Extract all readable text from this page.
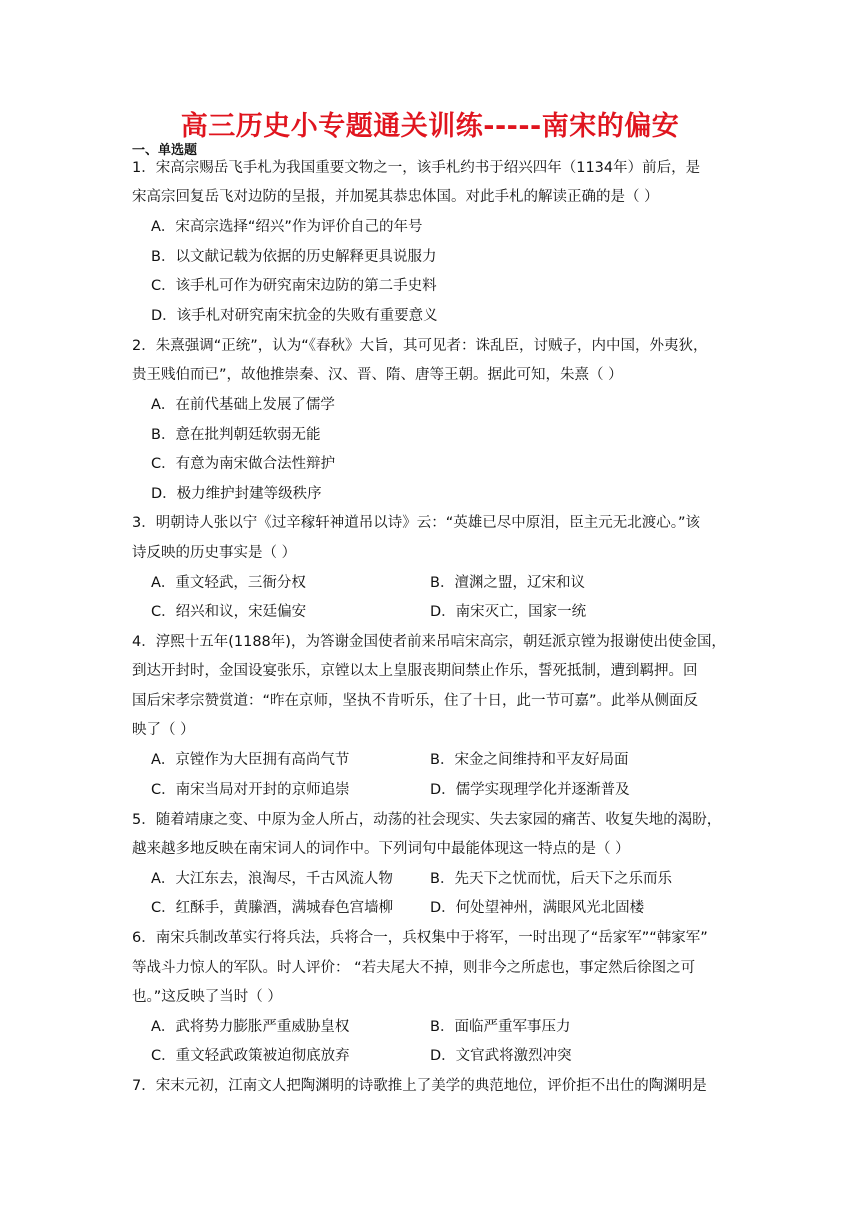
高三历史小专题通关训练-----南宋的偏安
一、单选题
1．宋高宗赐岳飞手札为我国重要文物之一，该手札约书于绍兴四年（1134年）前后，是
宋高宗回复岳飞对边防的呈报，并加冕其恭忠体国。对此手札的解读正确的是（ ）
A．宋高宗选择“绍兴”作为评价自己的年号
B．以文献记载为依据的历史解释更具说服力
C．该手札可作为研究南宋边防的第二手史料
D．该手札对研究南宋抗金的失败有重要意义
2．朱熹强调“正统”，认为“《春秋》大旨，其可见者：诛乱臣，讨贼子，内中国，外夷狄，
贵王贱伯而已”，故他推崇秦、汉、晋、隋、唐等王朝。据此可知，朱熹（ ）
A．在前代基础上发展了儒学
B．意在批判朝廷软弱无能
C．有意为南宋做合法性辩护
D．极力维护封建等级秩序
3．明朝诗人张以宁《过辛稼轩神道吊以诗》云：“英雄已尽中原泪，臣主元无北渡心。”该
诗反映的历史事实是（ ）
A．重文轻武，三衙分权	B．澶渊之盟，辽宋和议
C．绍兴和议，宋廷偏安	D．南宋灭亡，国家一统
4．淳熙十五年(1188年)，为答谢金国使者前来吊唁宋高宗，朝廷派京镗为报谢使出使金国，
到达开封时，金国设宴张乐，京镗以太上皇服丧期间禁止作乐，誓死抵制，遭到羁押。回
国后宋孝宗赞赏道：“昨在京师，坚执不肯听乐，住了十日，此一节可嘉”。此举从侧面反
映了（ ）
A．京镗作为大臣拥有高尚气节	B．宋金之间维持和平友好局面
C．南宋当局对开封的京师追崇	D．儒学实现理学化并逐渐普及
5．随着靖康之变、中原为金人所占，动荡的社会现实、失去家园的痛苦、收复失地的渴盼，
越来越多地反映在南宋词人的词作中。下列词句中最能体现这一特点的是（ ）
A．大江东去，浪淘尽，千古风流人物	B．先天下之忧而忧，后天下之乐而乐
C．红酥手，黄縢酒，满城春色宫墙柳	D．何处望神州，满眼风光北固楼
6．南宋兵制改革实行将兵法，兵将合一，兵权集中于将军，一时出现了“岳家军”“韩家军”
等战斗力惊人的军队。时人评价： “若夫尾大不掉，则非今之所虑也，事定然后徐图之可
也。”这反映了当时（ ）
A．武将势力膨胀严重威胁皇权	B．面临严重军事压力
C．重文轻武政策被迫彻底放弃	D．文官武将激烈冲突
7．宋末元初，江南文人把陶渊明的诗歌推上了美学的典范地位，评价拒不出仕的陶渊明是
